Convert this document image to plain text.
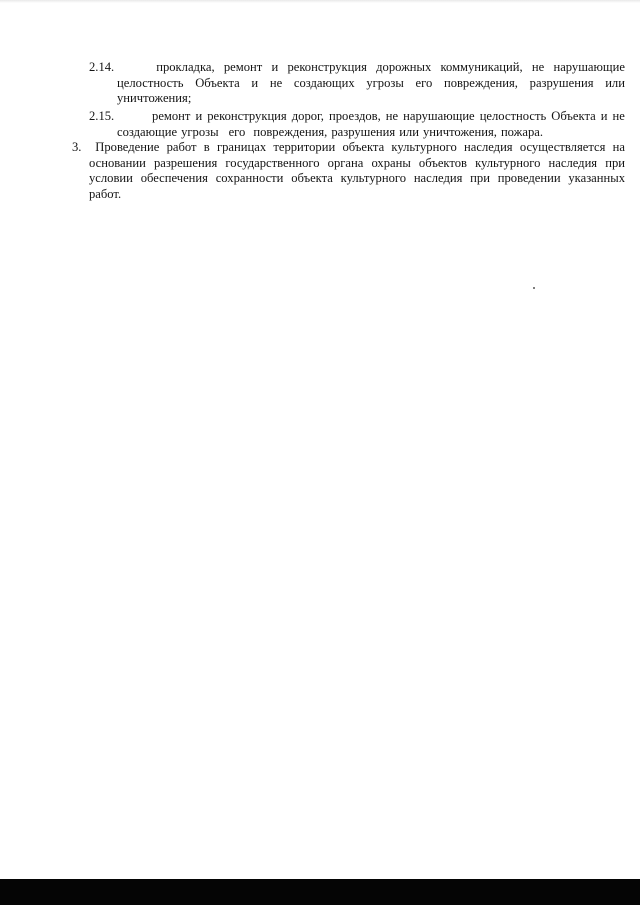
2.14.	прокладка, ремонт и реконструкция дорожных коммуникаций, не нарушающие
целостность Объекта и не создающих угрозы его повреждения, разрушения или
уничтожения;
2.15.	ремонт и реконструкция дорог, проездов, не нарушающие целостность Объекта и не
создающие угрозы его повреждения, разрушения или уничтожения, пожара.
3.	Проведение работ в границах территории объекта культурного наследия осуществляется на
основании разрешения государственного органа охраны объектов культурного наследия при
условии обеспечения сохранности объекта культурного наследия при проведении указанных
работ.
